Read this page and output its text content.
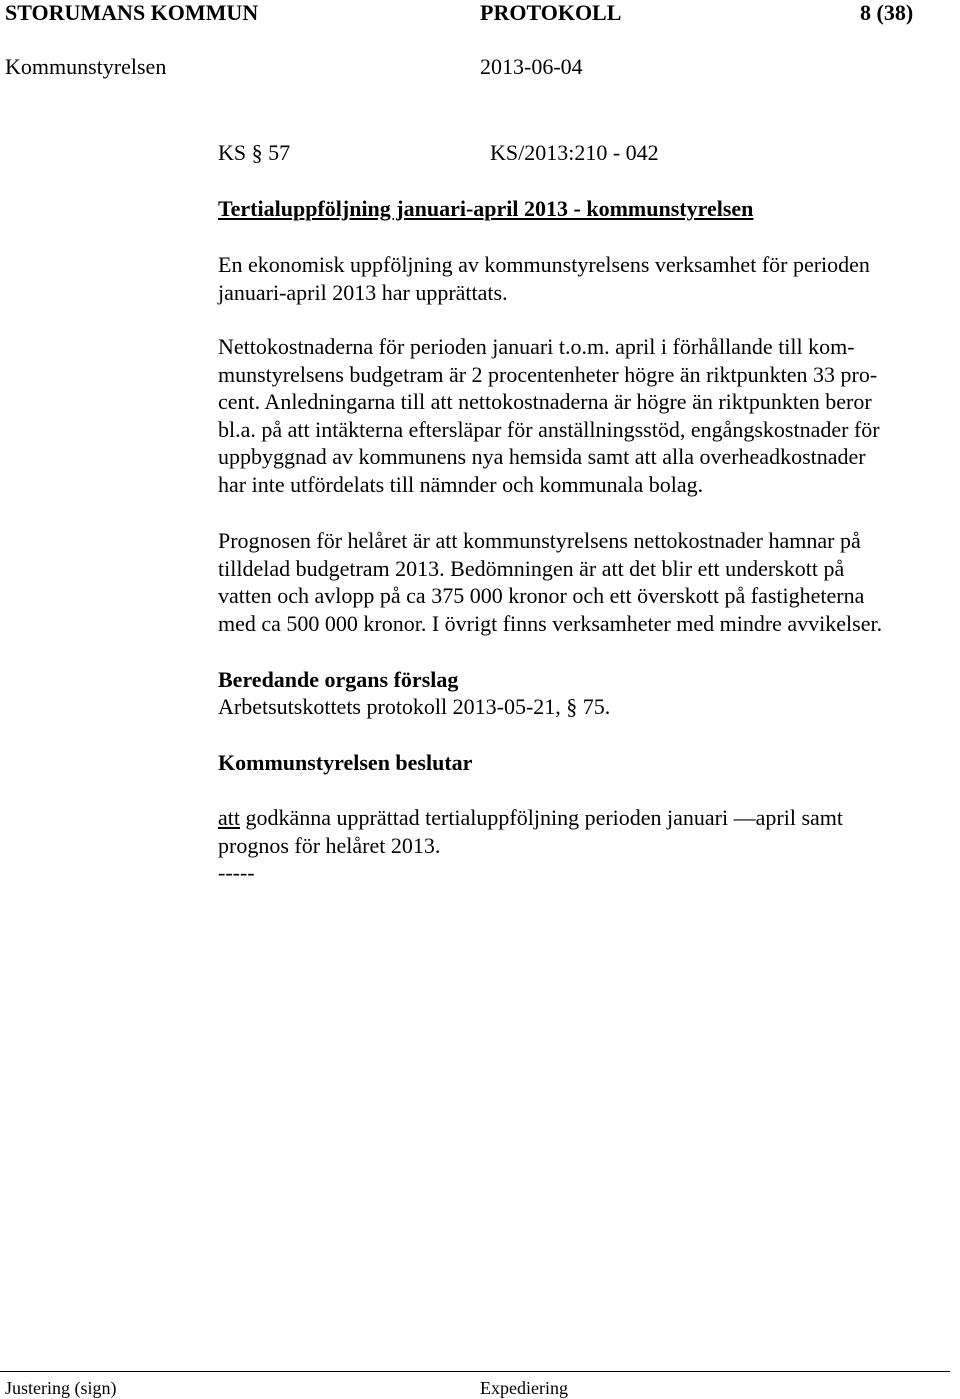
STORUMANS KOMMUN	PROTOKOLL	8 (38)
Kommunstyrelsen	2013-06-04
KS § 57	KS/2013:210 - 042
Tertialuppföljning januari-april 2013 - kommunstyrelsen
En ekonomisk uppföljning av kommunstyrelsens verksamhet för perioden
januari-april 2013 har upprättats.
Nettokostnaderna för perioden januari t.o.m. april i förhållande till kom-
munstyrelsens budgetram är 2 procentenheter högre än riktpunkten 33 pro-
cent. Anledningarna till att nettokostnaderna är högre än riktpunkten beror
bl.a. på att intäkterna eftersläpar för anställningsstöd, engångskostnader för
uppbyggnad av kommunens nya hemsida samt att alla overheadkostnader
har inte utfördelats till nämnder och kommunala bolag.
Prognosen för helåret är att kommunstyrelsens nettokostnader hamnar på
tilldelad budgetram 2013. Bedömningen är att det blir ett underskott på
vatten och avlopp på ca 375 000 kronor och ett överskott på fastigheterna
med ca 500 000 kronor. I övrigt finns verksamheter med mindre avvikelser.
Beredande organs förslag
Arbetsutskottets protokoll 2013-05-21, § 75.
Kommunstyrelsen beslutar
att godkänna upprättad tertialuppföljning perioden januari —april samt
prognos för helåret 2013.
-----
Justering (sign)	Expediering
